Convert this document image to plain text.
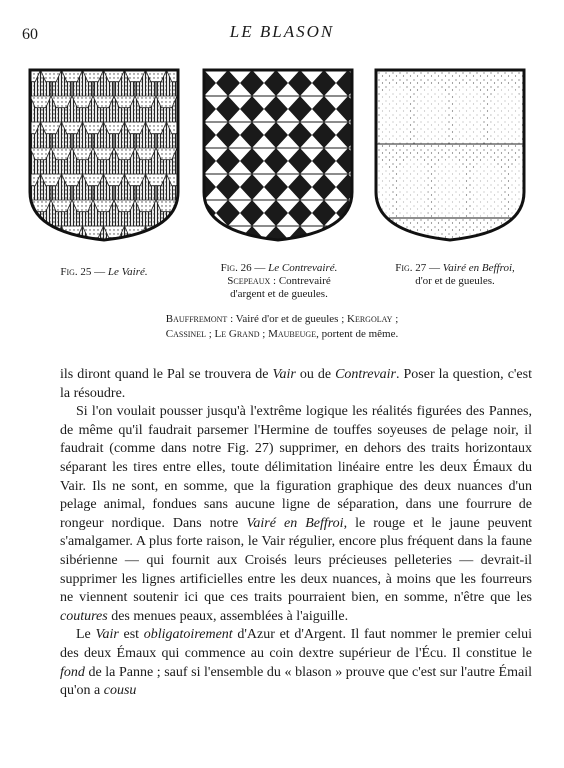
60	LE BLASON
Fig. 25 — Le Vairé.	Fig. 26 — Le Contrevairé.
Scepeaux : Contrevairé
d'argent et de gueules.
Fig. 27 — Vairé en Beffroi,
d'or et de gueules.
Bauffremont : Vairé d'or et de gueules ; Kergolay ;
Cassinel ; Le Grand ; Maubeuge, portent de même.

ils diront quand le Pal se trouvera de Vair ou de Contrevair. Poser la question, c'est la résoudre.

Si l'on voulait pousser jusqu'à l'extrême logique les réalités figurées des Pannes, de même qu'il faudrait parsemer l'Hermine de touffes soyeuses de pelage noir, il faudrait (comme dans notre Fig. 27) supprimer, en dehors des traits horizontaux séparant les tires entre elles, toute délimitation linéaire entre les deux Émaux du Vair. Ils ne sont, en somme, que la figuration graphique des deux nuances d'un pelage animal, fondues sans aucune ligne de séparation, dans une fourrure de rongeur nordique. Dans notre Vairé en Beffroi, le rouge et le jaune peuvent s'amalgamer. A plus forte raison, le Vair régulier, encore plus fréquent dans la faune sibérienne — qui fournit aux Croisés leurs précieuses pelleteries — devrait-il supprimer les lignes artificielles entre les deux nuances, à moins que les fourreurs ne viennent soutenir ici que ces traits pourraient bien, en somme, n'être que les coutures des menues peaux, assemblées à l'aiguille.

Le Vair est obligatoirement d'Azur et d'Argent. Il faut nommer le premier celui des deux Émaux qui commence au coin dextre supérieur de l'Écu. Il constitue le fond de la Panne ; sauf si l'ensemble du « blason » prouve que c'est sur l'autre Émail qu'on a cousu
